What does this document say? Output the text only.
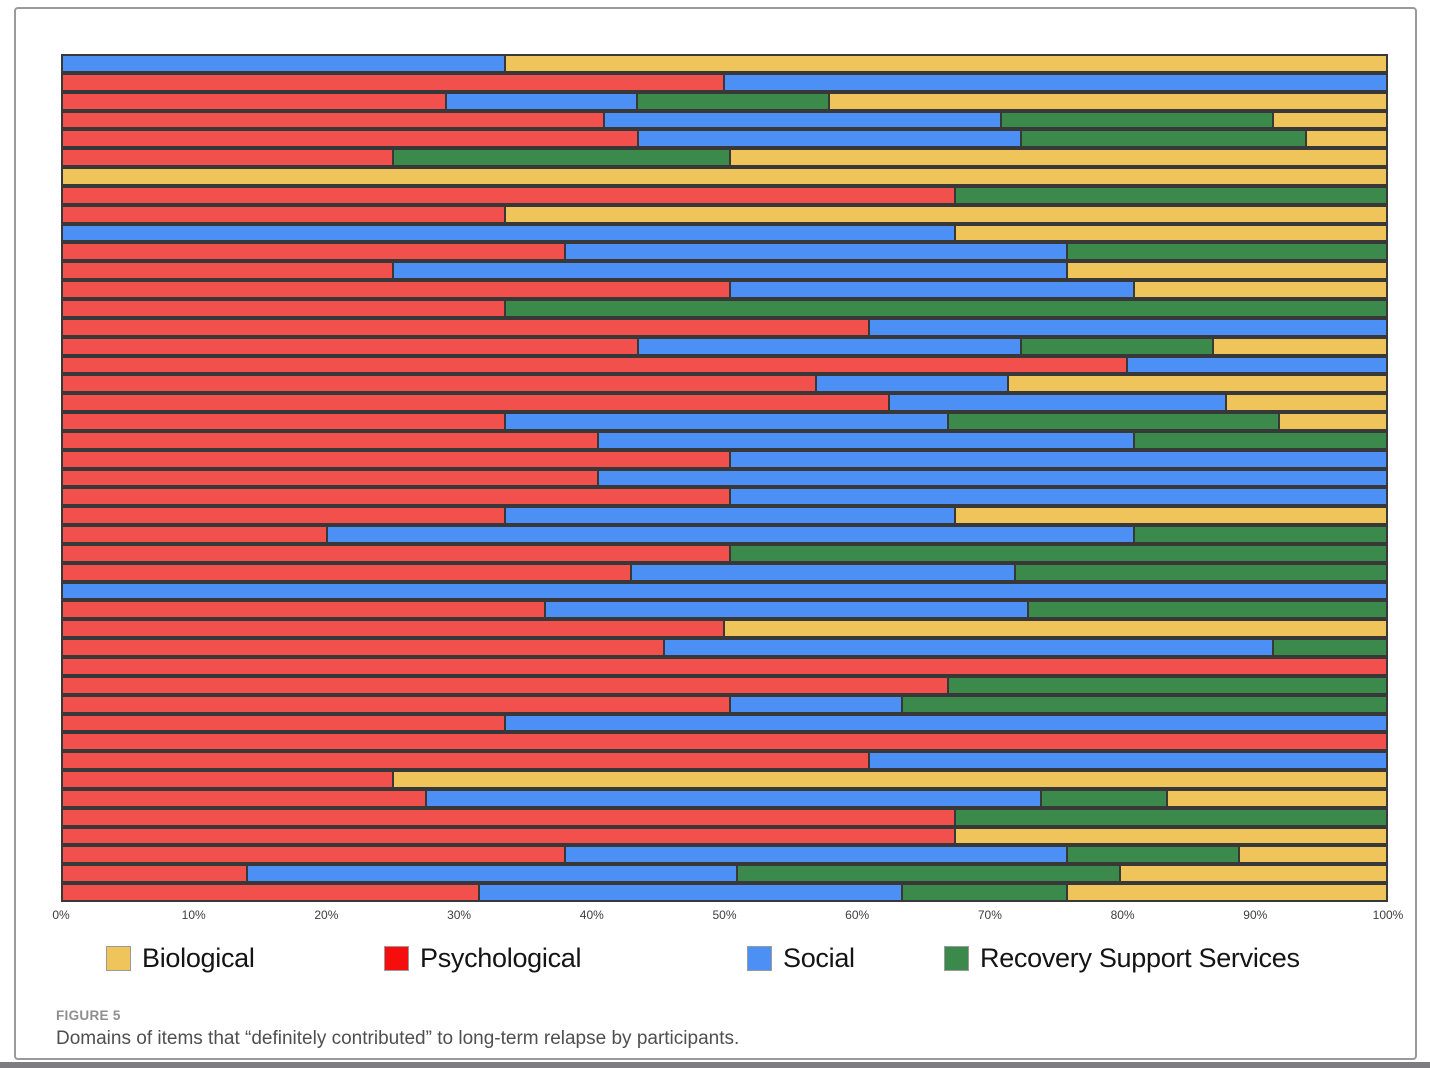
0%	10%	20%	30%	40%	50%	60%	70%	80%	90%	100%
Biological	Psychological	Social	Recovery Support Services
FIGURE 5
Domains of items that “definitely contributed” to long-term relapse by participants.
